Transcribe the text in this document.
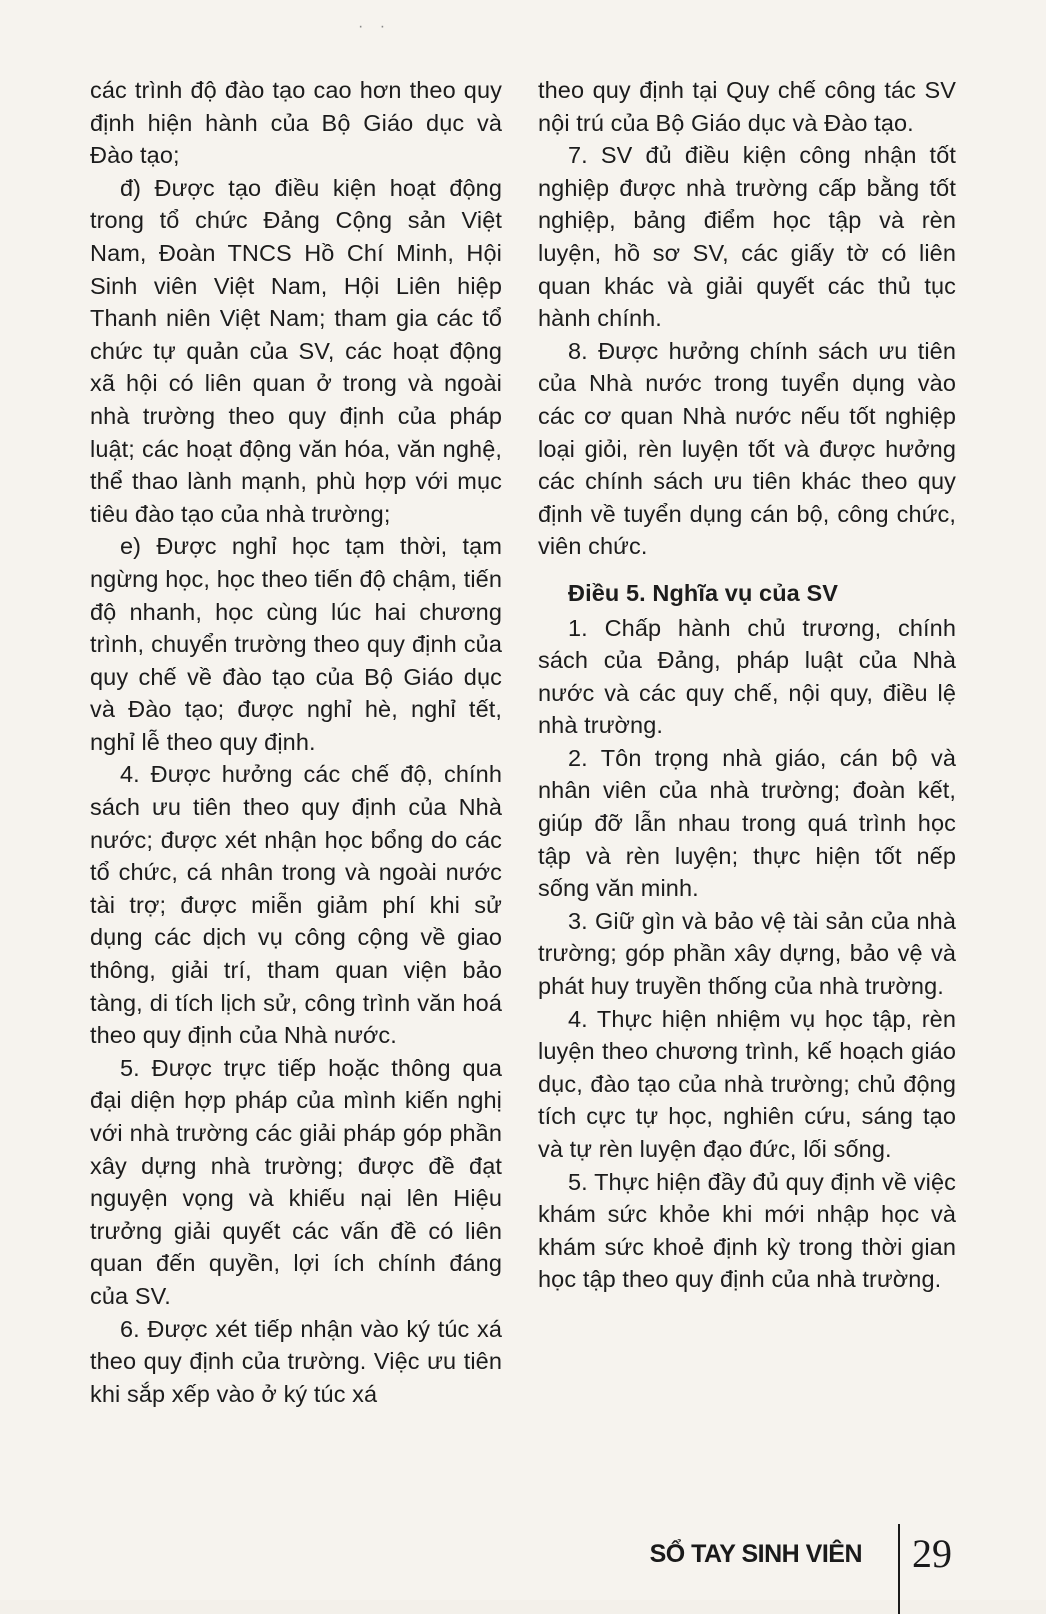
· ·

các trình độ đào tạo cao hơn theo quy định hiện hành của Bộ Giáo dục và Đào tạo;

đ) Được tạo điều kiện hoạt động trong tổ chức Đảng Cộng sản Việt Nam, Đoàn TNCS Hồ Chí Minh, Hội Sinh viên Việt Nam, Hội Liên hiệp Thanh niên Việt Nam; tham gia các tổ chức tự quản của SV, các hoạt động xã hội có liên quan ở trong và ngoài nhà trường theo quy định của pháp luật; các hoạt động văn hóa, văn nghệ, thể thao lành mạnh, phù hợp với mục tiêu đào tạo của nhà trường;

e) Được nghỉ học tạm thời, tạm ngừng học, học theo tiến độ chậm, tiến độ nhanh, học cùng lúc hai chương trình, chuyển trường theo quy định của quy chế về đào tạo của Bộ Giáo dục và Đào tạo; được nghỉ hè, nghỉ tết, nghỉ lễ theo quy định.

4. Được hưởng các chế độ, chính sách ưu tiên theo quy định của Nhà nước; được xét nhận học bổng do các tổ chức, cá nhân trong và ngoài nước tài trợ; được miễn giảm phí khi sử dụng các dịch vụ công cộng về giao thông, giải trí, tham quan viện bảo tàng, di tích lịch sử, công trình văn hoá theo quy định của Nhà nước.

5. Được trực tiếp hoặc thông qua đại diện hợp pháp của mình kiến nghị với nhà trường các giải pháp góp phần xây dựng nhà trường; được đề đạt nguyện vọng và khiếu nại lên Hiệu trưởng giải quyết các vấn đề có liên quan đến quyền, lợi ích chính đáng của SV.

6. Được xét tiếp nhận vào ký túc xá theo quy định của trường. Việc ưu tiên khi sắp xếp vào ở ký túc xá

theo quy định tại Quy chế công tác SV nội trú của Bộ Giáo dục và Đào tạo.

7. SV đủ điều kiện công nhận tốt nghiệp được nhà trường cấp bằng tốt nghiệp, bảng điểm học tập và rèn luyện, hồ sơ SV, các giấy tờ có liên quan khác và giải quyết các thủ tục hành chính.

8. Được hưởng chính sách ưu tiên của Nhà nước trong tuyển dụng vào các cơ quan Nhà nước nếu tốt nghiệp loại giỏi, rèn luyện tốt và được hưởng các chính sách ưu tiên khác theo quy định về tuyển dụng cán bộ, công chức, viên chức.

Điều 5. Nghĩa vụ của SV

1. Chấp hành chủ trương, chính sách của Đảng, pháp luật của Nhà nước và các quy chế, nội quy, điều lệ nhà trường.

2. Tôn trọng nhà giáo, cán bộ và nhân viên của nhà trường; đoàn kết, giúp đỡ lẫn nhau trong quá trình học tập và rèn luyện; thực hiện tốt nếp sống văn minh.

3. Giữ gìn và bảo vệ tài sản của nhà trường; góp phần xây dựng, bảo vệ và phát huy truyền thống của nhà trường.

4. Thực hiện nhiệm vụ học tập, rèn luyện theo chương trình, kế hoạch giáo dục, đào tạo của nhà trường; chủ động tích cực tự học, nghiên cứu, sáng tạo và tự rèn luyện đạo đức, lối sống.

5. Thực hiện đầy đủ quy định về việc khám sức khỏe khi mới nhập học và khám sức khoẻ định kỳ trong thời gian học tập theo quy định của nhà trường.

SỔ TAY SINH VIÊN 29
